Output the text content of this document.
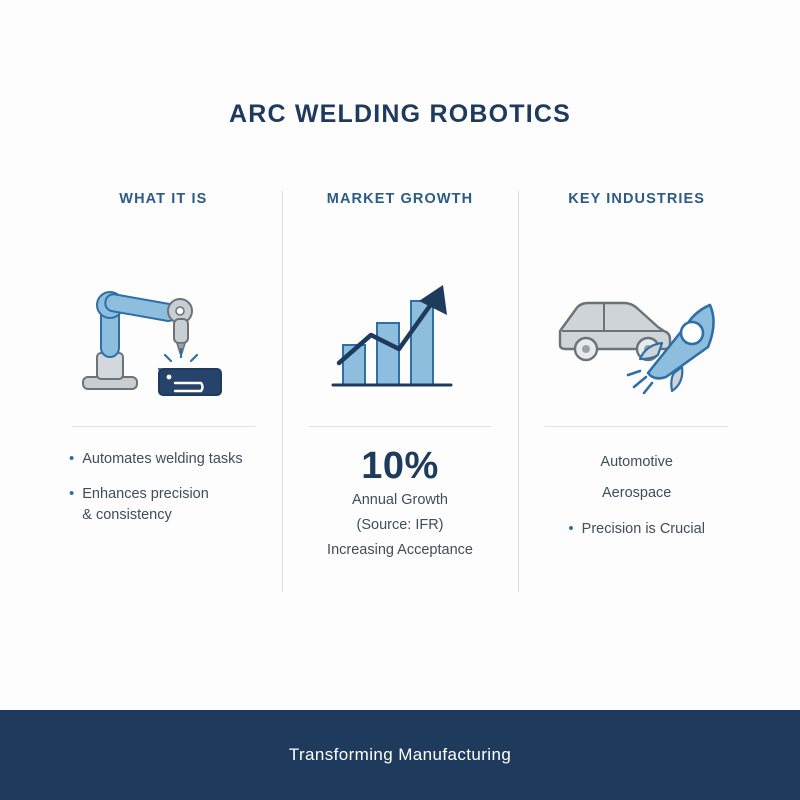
ARC WELDING ROBOTICS
WHAT IT IS
• Automates welding tasks
• Enhances precision
& consistency
MARKET GROWTH
10%
Annual Growth
(Source: IFR)
Increasing Acceptance
KEY INDUSTRIES
Automotive
Aerospace
• Precision is Crucial
Transforming Manufacturing
